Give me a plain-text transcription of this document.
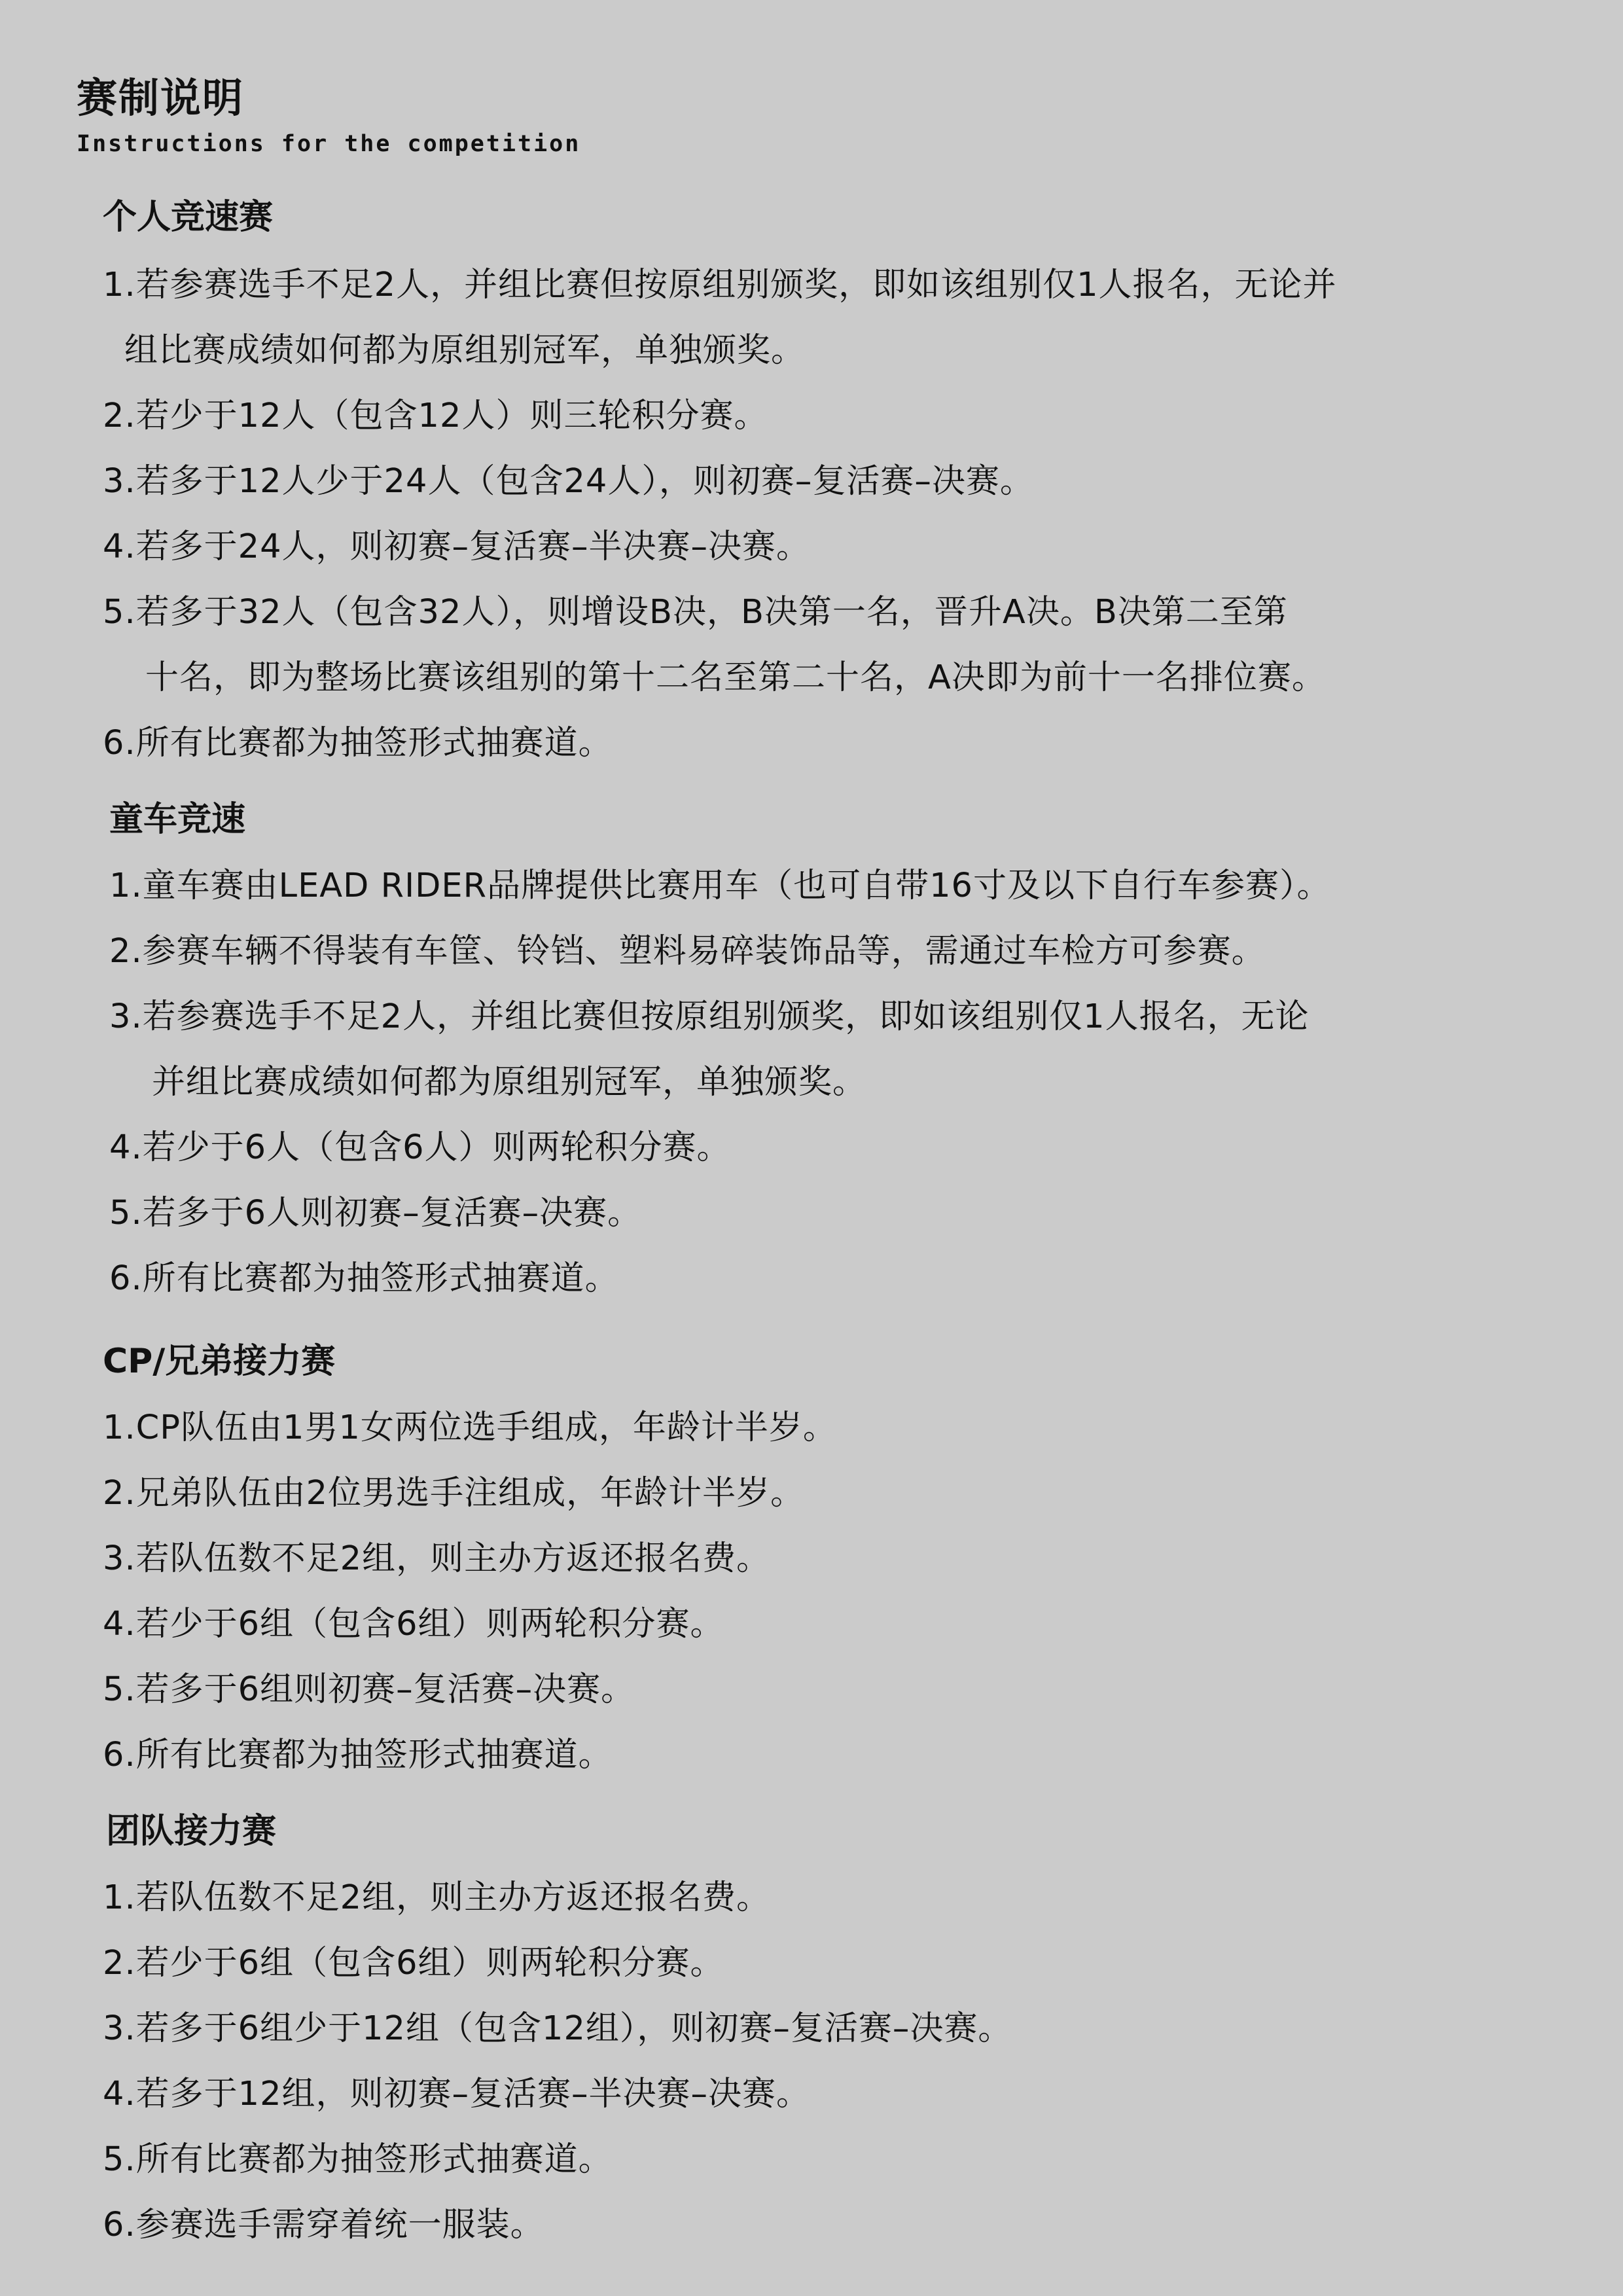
赛制说明
Instructions for the competition
个人竞速赛
1.若参赛选手不足2人，并组比赛但按原组别颁奖，即如该组别仅1人报名，无论并
组比赛成绩如何都为原组别冠军，单独颁奖。
2.若少于12人（包含12人）则三轮积分赛。
3.若多于12人少于24人（包含24人），则初赛–复活赛–决赛。
4.若多于24人，则初赛–复活赛–半决赛–决赛。
5.若多于32人（包含32人），则增设B决，B决第一名，晋升A决。B决第二至第
十名，即为整场比赛该组别的第十二名至第二十名，A决即为前十一名排位赛。
6.所有比赛都为抽签形式抽赛道。
童车竞速
1.童车赛由LEAD RIDER品牌提供比赛用车（也可自带16寸及以下自行车参赛）。
2.参赛车辆不得装有车筐、铃铛、塑料易碎装饰品等，需通过车检方可参赛。
3.若参赛选手不足2人，并组比赛但按原组别颁奖，即如该组别仅1人报名，无论
并组比赛成绩如何都为原组别冠军，单独颁奖。
4.若少于6人（包含6人）则两轮积分赛。
5.若多于6人则初赛–复活赛–决赛。
6.所有比赛都为抽签形式抽赛道。
CP/兄弟接力赛
1.CP队伍由1男1女两位选手组成，年龄计半岁。
2.兄弟队伍由2位男选手注组成，年龄计半岁。
3.若队伍数不足2组，则主办方返还报名费。
4.若少于6组（包含6组）则两轮积分赛。
5.若多于6组则初赛–复活赛–决赛。
6.所有比赛都为抽签形式抽赛道。
团队接力赛
1.若队伍数不足2组，则主办方返还报名费。
2.若少于6组（包含6组）则两轮积分赛。
3.若多于6组少于12组（包含12组），则初赛–复活赛–决赛。
4.若多于12组，则初赛–复活赛–半决赛–决赛。
5.所有比赛都为抽签形式抽赛道。
6.参赛选手需穿着统一服装。
